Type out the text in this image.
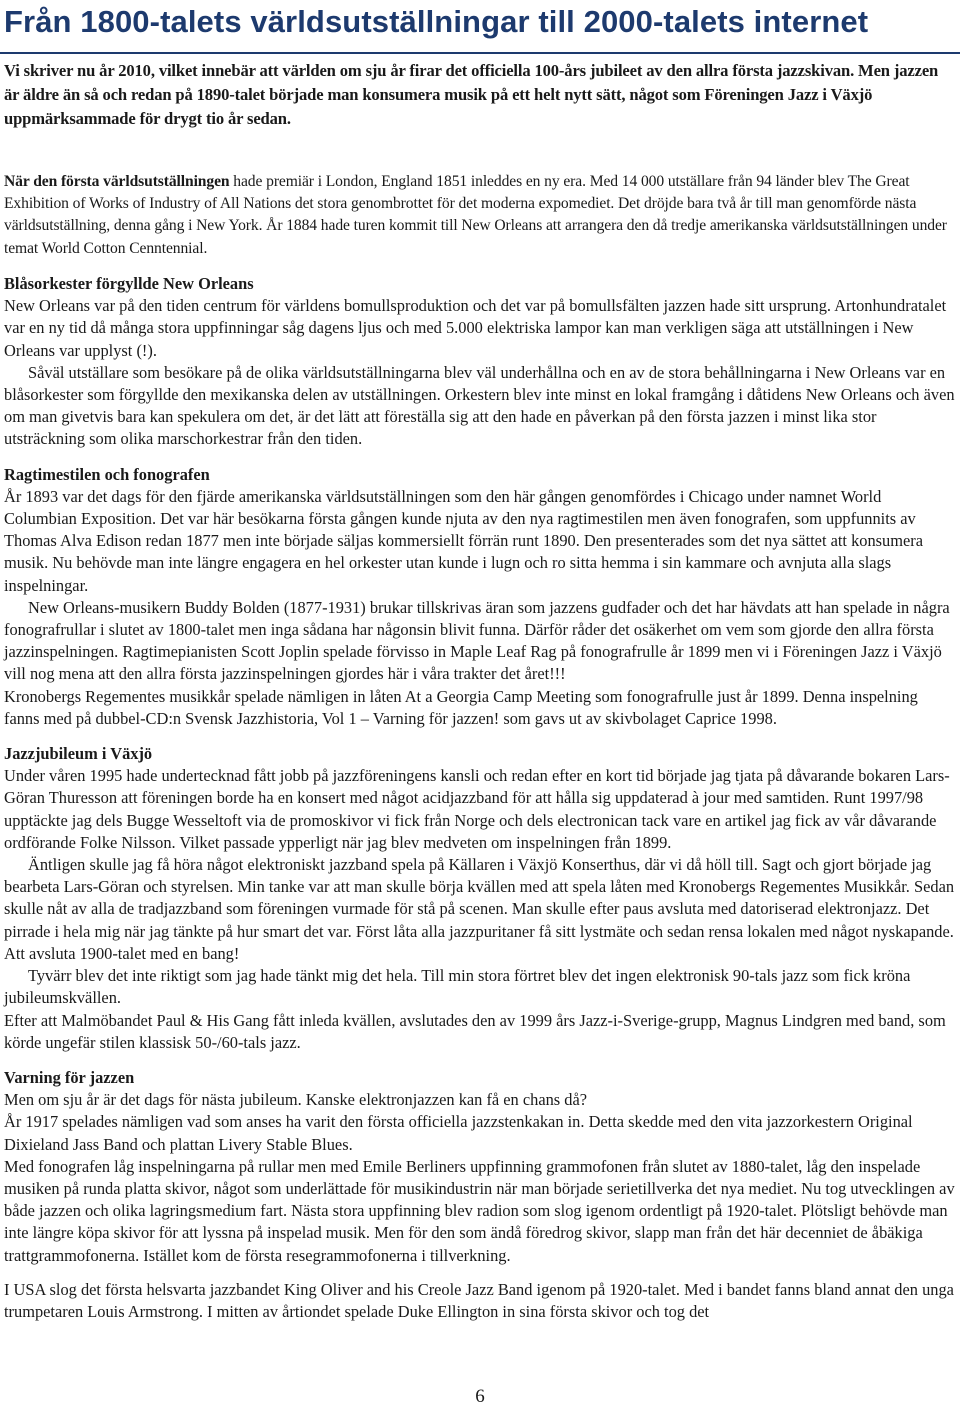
Från 1800-talets världsutställningar till 2000-talets internet

Vi skriver nu år 2010, vilket innebär att världen om sju år firar det officiella 100-års jubileet av den allra första jazzskivan. Men jazzen är äldre än så och redan på 1890-talet började man konsumera musik på ett helt nytt sätt, något som Föreningen Jazz i Växjö uppmärksammade för drygt tio år sedan.

När den första världsutställningen hade premiär i London, England 1851 inleddes en ny era. Med 14 000 utställare från 94 länder blev The Great Exhibition of Works of Industry of All Nations det stora genombrottet för det moderna expomediet. Det dröjde bara två år till man genomförde nästa världsutställning, denna gång i New York. År 1884 hade turen kommit till New Orleans att arrangera den då tredje amerikanska världsutställningen under temat World Cotton Cenntennial.

Blåsorkester förgyllde New Orleans

New Orleans var på den tiden centrum för världens bomullsproduktion och det var på bomullsfälten jazzen hade sitt ursprung. Artonhundratalet var en ny tid då många stora uppfinningar såg dagens ljus och med 5.000 elektriska lampor kan man verkligen säga att utställningen i New Orleans var upplyst (!).

Såväl utställare som besökare på de olika världsutställningarna blev väl underhållna och en av de stora behållningarna i New Orleans var en blåsorkester som förgyllde den mexikanska delen av utställningen. Orkestern blev inte minst en lokal framgång i dåtidens New Orleans och även om man givetvis bara kan spekulera om det, är det lätt att föreställa sig att den hade en påverkan på den första jazzen i minst lika stor utsträckning som olika marschorkestrar från den tiden.

Ragtimestilen och fonografen

År 1893 var det dags för den fjärde amerikanska världsutställningen som den här gången genomfördes i Chicago under namnet World Columbian Exposition. Det var här besökarna första gången kunde njuta av den nya ragtimestilen men även fonografen, som uppfunnits av Thomas Alva Edison redan 1877 men inte började säljas kommersiellt förrän runt 1890. Den presenterades som det nya sättet att konsumera musik. Nu behövde man inte längre engagera en hel orkester utan kunde i lugn och ro sitta hemma i sin kammare och avnjuta alla slags inspelningar.

New Orleans-musikern Buddy Bolden (1877-1931) brukar tillskrivas äran som jazzens gudfader och det har hävdats att han spelade in några fonografrullar i slutet av 1800-talet men inga sådana har någonsin blivit funna. Därför råder det osäkerhet om vem som gjorde den allra första jazzinspelningen. Ragtimepianisten Scott Joplin spelade förvisso in Maple Leaf Rag på fonografrulle år 1899 men vi i Föreningen Jazz i Växjö vill nog mena att den allra första jazzinspelningen gjordes här i våra trakter det året!!!

Kronobergs Regementes musikkår spelade nämligen in låten At a Georgia Camp Meeting som fonografrulle just år 1899. Denna inspelning fanns med på dubbel-CD:n Svensk Jazzhistoria, Vol 1 – Varning för jazzen! som gavs ut av skivbolaget Caprice 1998.

Jazzjubileum i Växjö

Under våren 1995 hade undertecknad fått jobb på jazzföreningens kansli och redan efter en kort tid började jag tjata på dåvarande bokaren Lars-Göran Thuresson att föreningen borde ha en konsert med något acidjazzband för att hålla sig uppdaterad à jour med samtiden. Runt 1997/98 upptäckte jag dels Bugge Wesseltoft via de promoskivor vi fick från Norge och dels electronican tack vare en artikel jag fick av vår dåvarande ordförande Folke Nilsson. Vilket passade ypperligt när jag blev medveten om inspelningen från 1899.

Äntligen skulle jag få höra något elektroniskt jazzband spela på Källaren i Växjö Konserthus, där vi då höll till. Sagt och gjort började jag bearbeta Lars-Göran och styrelsen. Min tanke var att man skulle börja kvällen med att spela låten med Kronobergs Regementes Musikkår. Sedan skulle nåt av alla de tradjazzband som föreningen vurmade för stå på scenen. Man skulle efter paus avsluta med datoriserad elektronjazz. Det pirrade i hela mig när jag tänkte på hur smart det var. Först låta alla jazzpuritaner få sitt lystmäte och sedan rensa lokalen med något nyskapande. Att avsluta 1900-talet med en bang!

Tyvärr blev det inte riktigt som jag hade tänkt mig det hela. Till min stora förtret blev det ingen elektronisk 90-tals jazz som fick kröna jubileumskvällen.

Efter att Malmöbandet Paul & His Gang fått inleda kvällen, avslutades den av 1999 års Jazz-i-Sverige-grupp, Magnus Lindgren med band, som körde ungefär stilen klassisk 50-/60-tals jazz.

Varning för jazzen

Men om sju år är det dags för nästa jubileum. Kanske elektronjazzen kan få en chans då?

År 1917 spelades nämligen vad som anses ha varit den första officiella jazzstenkakan in. Detta skedde med den vita jazzorkestern Original Dixieland Jass Band och plattan Livery Stable Blues.

Med fonografen låg inspelningarna på rullar men med Emile Berliners uppfinning grammofonen från slutet av 1880-talet, låg den inspelade musiken på runda platta skivor, något som underlättade för musikindustrin när man började serietillverka det nya mediet. Nu tog utvecklingen av både jazzen och olika lagringsmedium fart. Nästa stora uppfinning blev radion som slog igenom ordentligt på 1920-talet. Plötsligt behövde man inte längre köpa skivor för att lyssna på inspelad musik. Men för den som ändå föredrog skivor, slapp man från det här decenniet de åbäkiga trattgrammofonerna. Istället kom de första resegrammofonerna i tillverkning.

I USA slog det första helsvarta jazzbandet King Oliver and his Creole Jazz Band igenom på 1920-talet. Med i bandet fanns bland annat den unga trumpetaren Louis Armstrong. I mitten av årtiondet spelade Duke Ellington in sina första skivor och tog det

6
